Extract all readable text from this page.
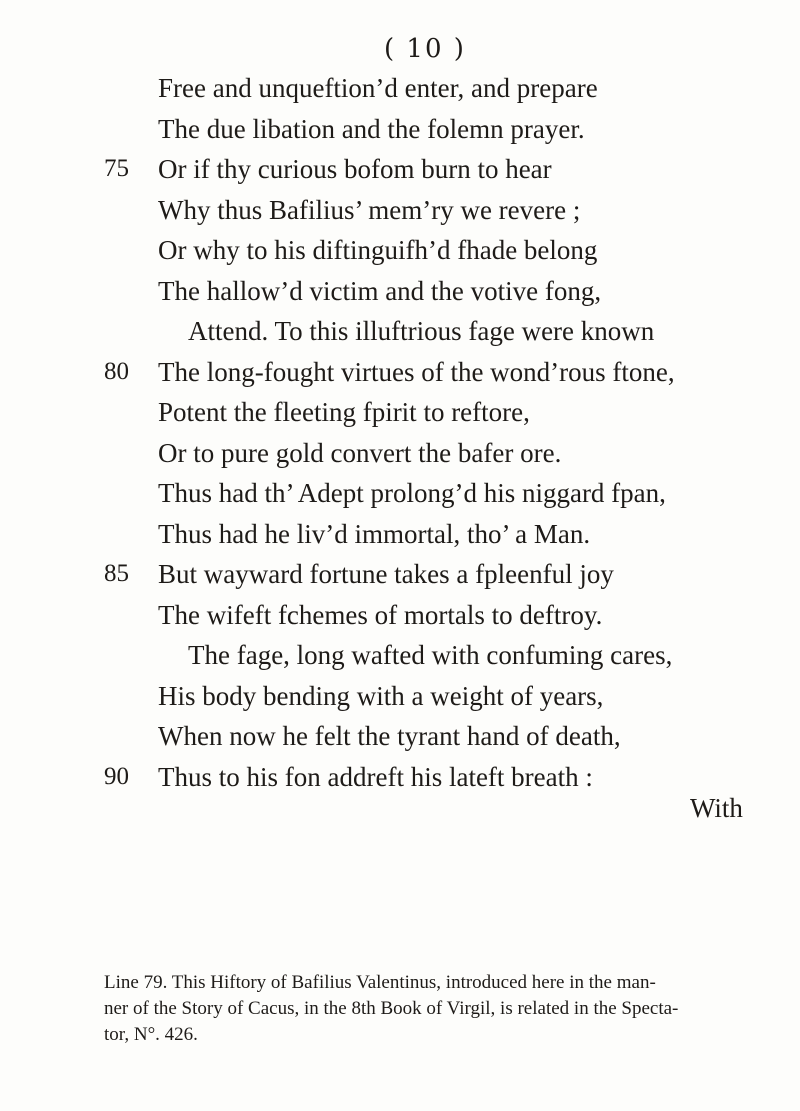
( 10 )
Free and unqueftion’d enter, and prepare
The due libation and the folemn prayer.
75	Or if thy curious bofom burn to hear
Why thus Bafilius’ mem’ry we revere ;
Or why to his diftinguifh’d fhade belong
The hallow’d victim and the votive fong,
Attend. To this illuftrious fage were known
80	The long-fought virtues of the wond’rous ftone,
Potent the fleeting fpirit to reftore,
Or to pure gold convert the bafer ore.
Thus had th’ Adept prolong’d his niggard fpan,
Thus had he liv’d immortal, tho’ a Man.
85	But wayward fortune takes a fpleenful joy
The wifeft fchemes of mortals to deftroy.
The fage, long wafted with confuming cares,
His body bending with a weight of years,
When now he felt the tyrant hand of death,
90	Thus to his fon addreft his lateft breath :
With
Line 79. This Hiftory of Bafilius Valentinus, introduced here in the man-
ner of the Story of Cacus, in the 8th Book of Virgil, is related in the Specta-
tor, N°. 426.
